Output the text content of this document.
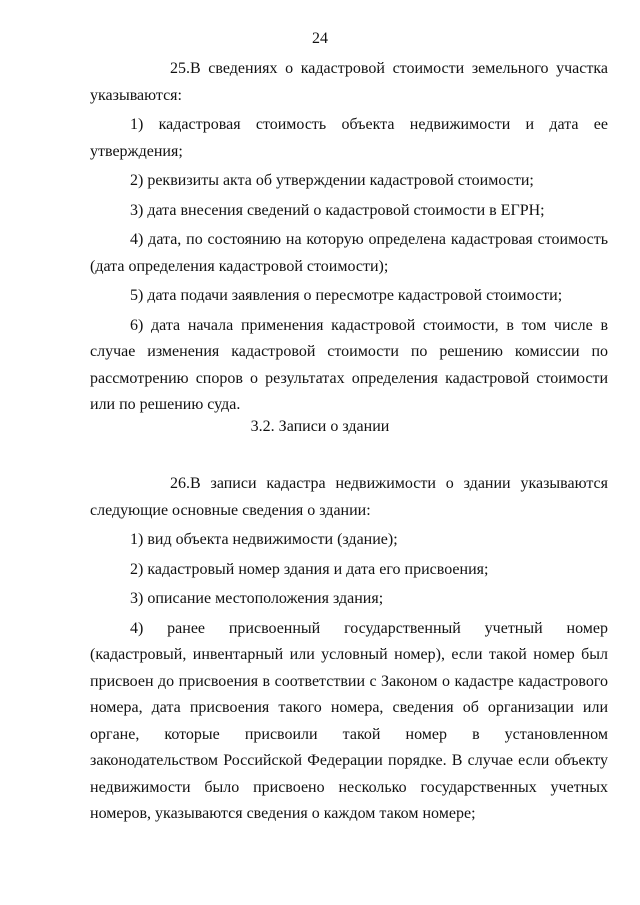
24

25.В сведениях о кадастровой стоимости земельного участка указываются:

1) кадастровая стоимость объекта недвижимости и дата ее утверждения;

2) реквизиты акта об утверждении кадастровой стоимости;

3) дата внесения сведений о кадастровой стоимости в ЕГРН;

4) дата, по состоянию на которую определена кадастровая стоимость (дата определения кадастровой стоимости);

5) дата подачи заявления о пересмотре кадастровой стоимости;

6) дата начала применения кадастровой стоимости, в том числе в случае изменения кадастровой стоимости по решению комиссии по рассмотрению споров о результатах определения кадастровой стоимости или по решению суда.

3.2. Записи о здании

26.В записи кадастра недвижимости о здании указываются следующие основные сведения о здании:

1) вид объекта недвижимости (здание);

2) кадастровый номер здания и дата его присвоения;

3) описание местоположения здания;

4) ранее присвоенный государственный учетный номер (кадастровый, инвентарный или условный номер), если такой номер был присвоен до присвоения в соответствии с Законом о кадастре кадастрового номера, дата присвоения такого номера, сведения об организации или органе, которые присвоили такой номер в установленном законодательством Российской Федерации порядке. В случае если объекту недвижимости было присвоено несколько государственных учетных номеров, указываются сведения о каждом таком номере;
